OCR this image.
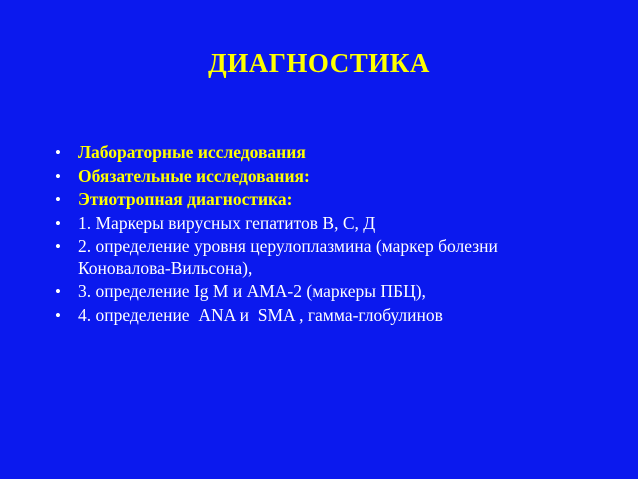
ДИАГНОСТИКА
• Лабораторные исследования
• Обязательные исследования:
• Этиотропная диагностика:
• 1. Маркеры вирусных гепатитов В, С, Д
• 2. определение уровня церулоплазмина (маркер болезни Коновалова-Вильсона),
• 3. определение Ig M и АМА-2 (маркеры ПБЦ),
• 4. определение  ANA и  SMA , гамма-глобулинов
